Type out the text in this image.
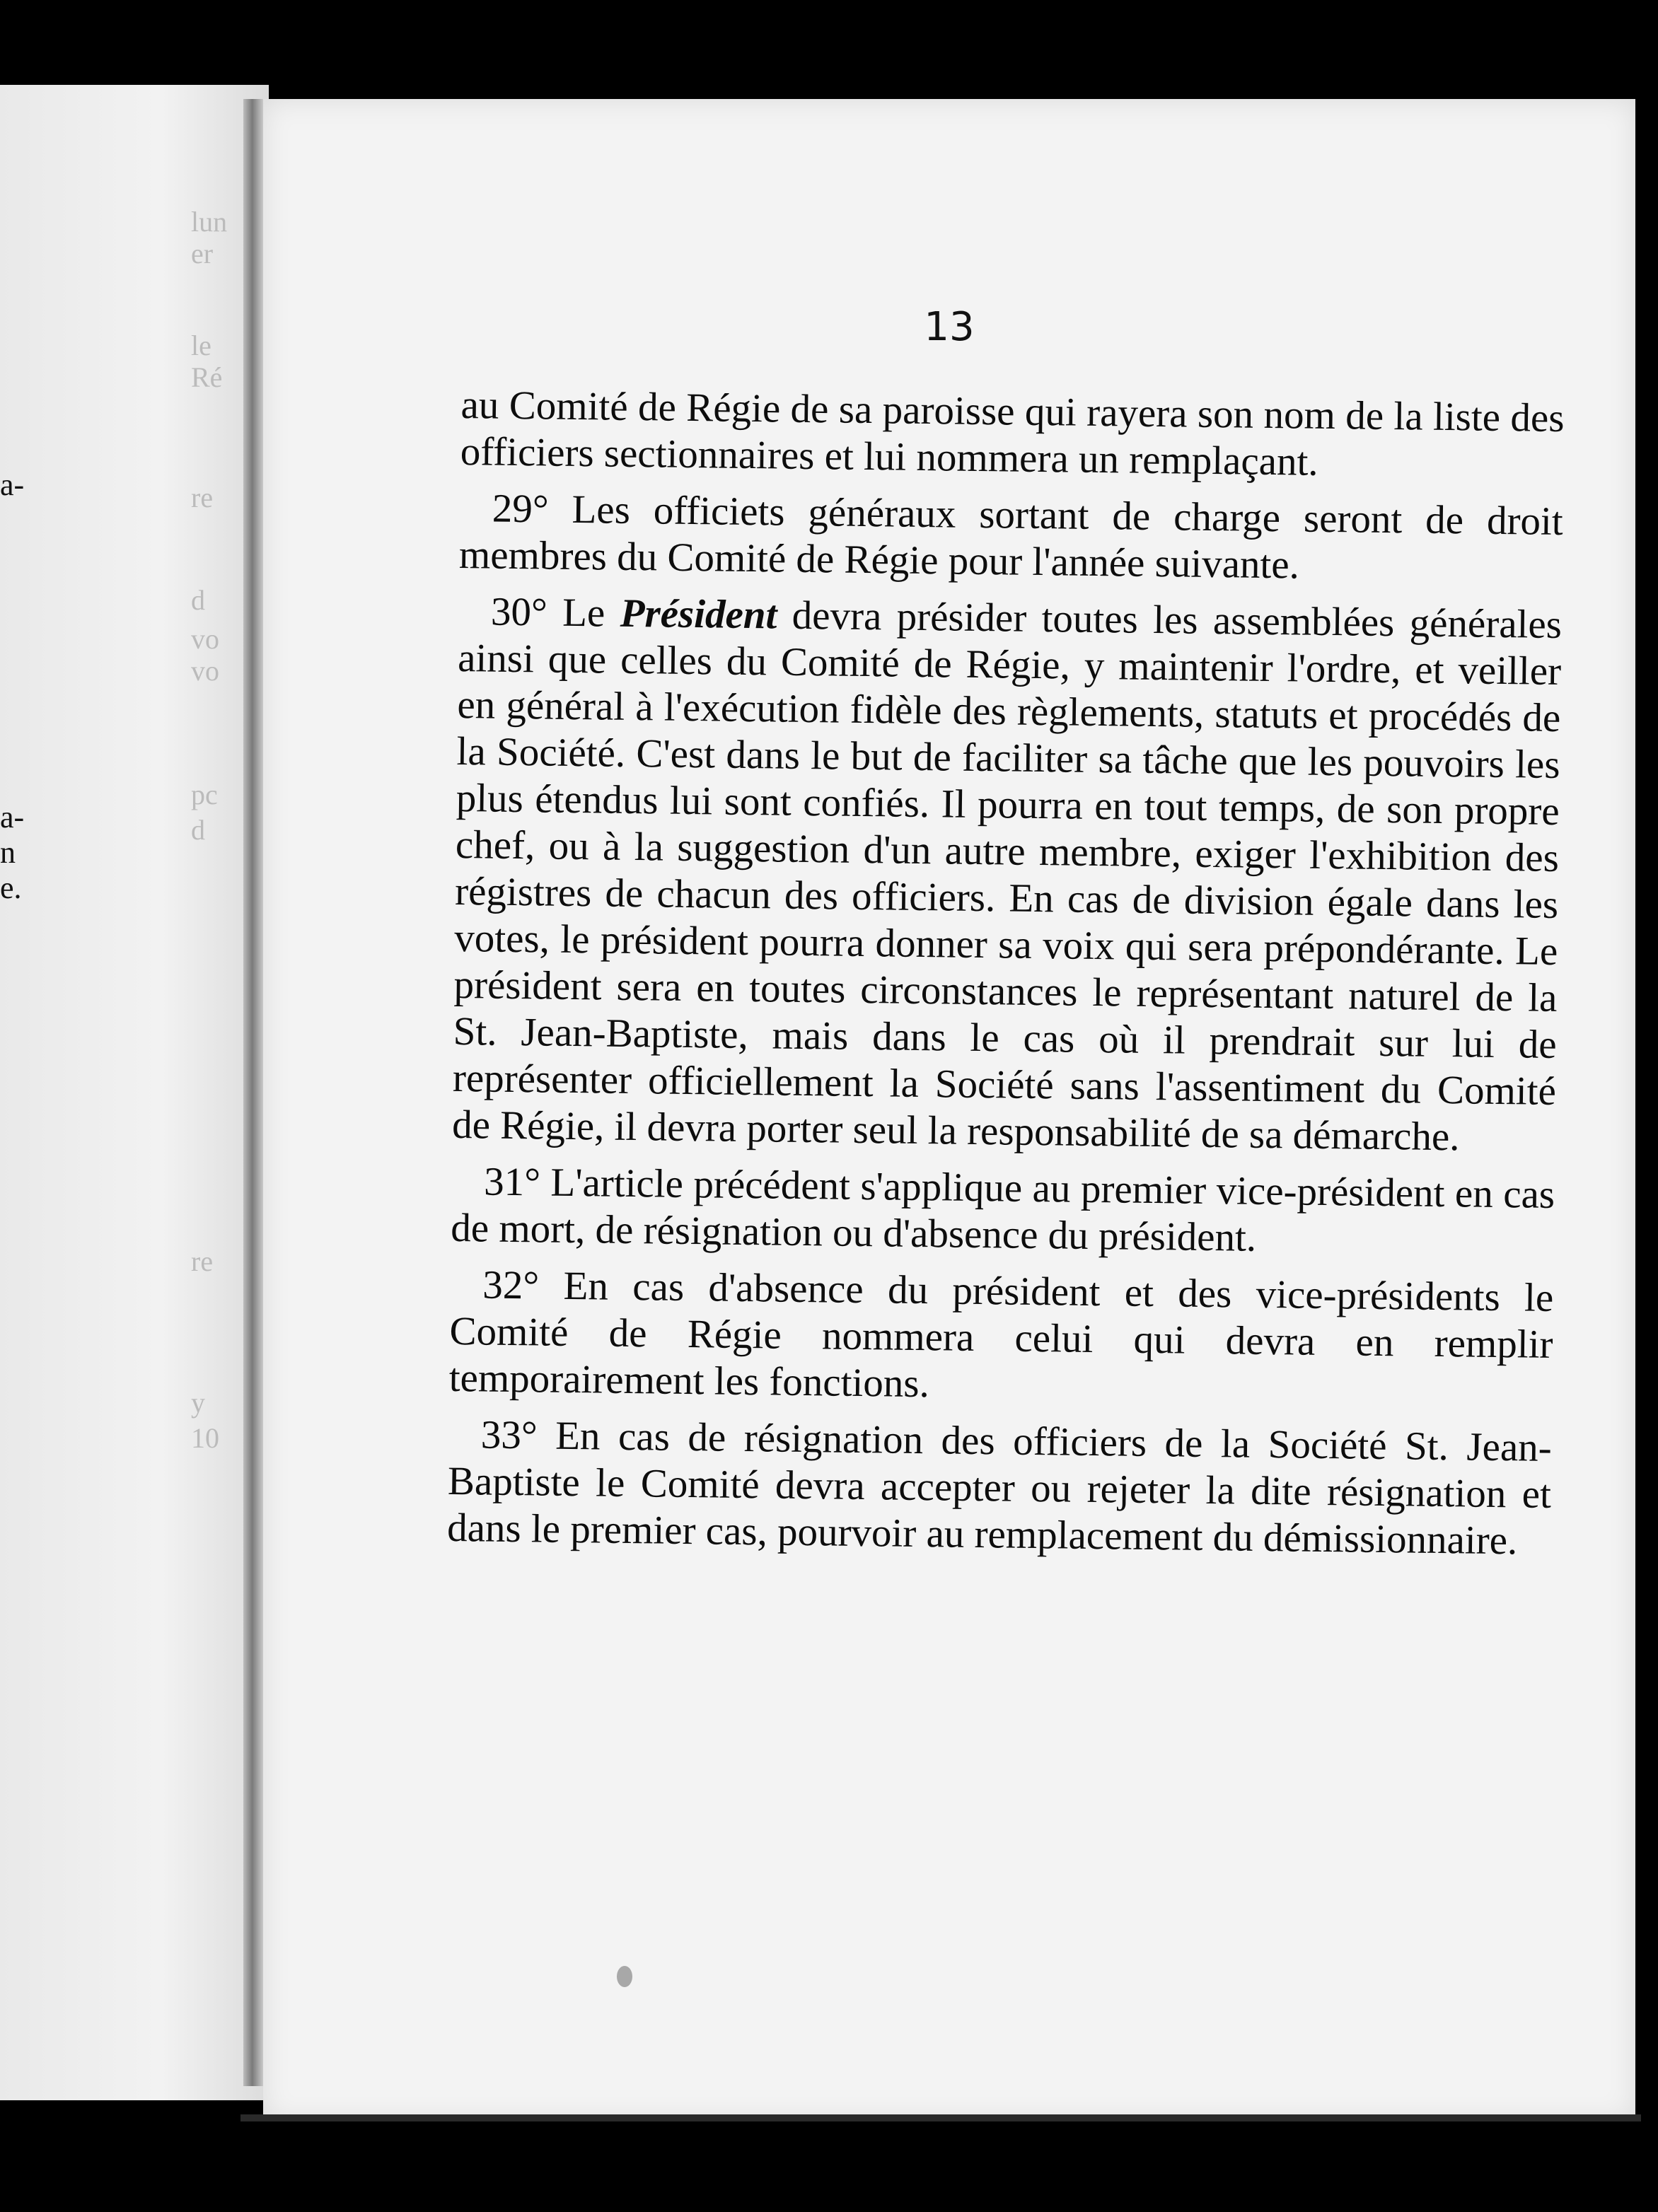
lun
er
le
Ré
re
d
vo
vo
pc
d
re
y
10
a-
a-
n
e.
13

au Comité de Régie de sa paroisse qui rayera son nom de la liste des officiers sectionnaires et lui nommera un remplaçant.

29° Les officiets généraux sortant de charge seront de droit membres du Comité de Régie pour l'année suivante.

30° Le Président devra présider toutes les assemblées générales ainsi que celles du Comité de Régie, y maintenir l'ordre, et veiller en général à l'exécution fidèle des règlements, statuts et procédés de la Société. C'est dans le but de faciliter sa tâche que les pouvoirs les plus étendus lui sont confiés. Il pourra en tout temps, de son propre chef, ou à la suggestion d'un autre membre, exiger l'exhibition des régistres de chacun des officiers. En cas de division égale dans les votes, le président pourra donner sa voix qui sera prépondérante. Le président sera en toutes circonstances le représentant naturel de la St. Jean-Baptiste, mais dans le cas où il prendrait sur lui de représenter officiellement la Société sans l'assentiment du Comité de Régie, il devra porter seul la responsabilité de sa démarche.

31° L'article précédent s'applique au premier vice-président en cas de mort, de résignation ou d'absence du président.

32° En cas d'absence du président et des vice-présidents le Comité de Régie nommera celui qui devra en remplir temporairement les fonctions.

33° En cas de résignation des officiers de la Société St. Jean-Baptiste le Comité devra accepter ou rejeter la dite résignation et dans le premier cas, pourvoir au remplacement du démissionnaire.
